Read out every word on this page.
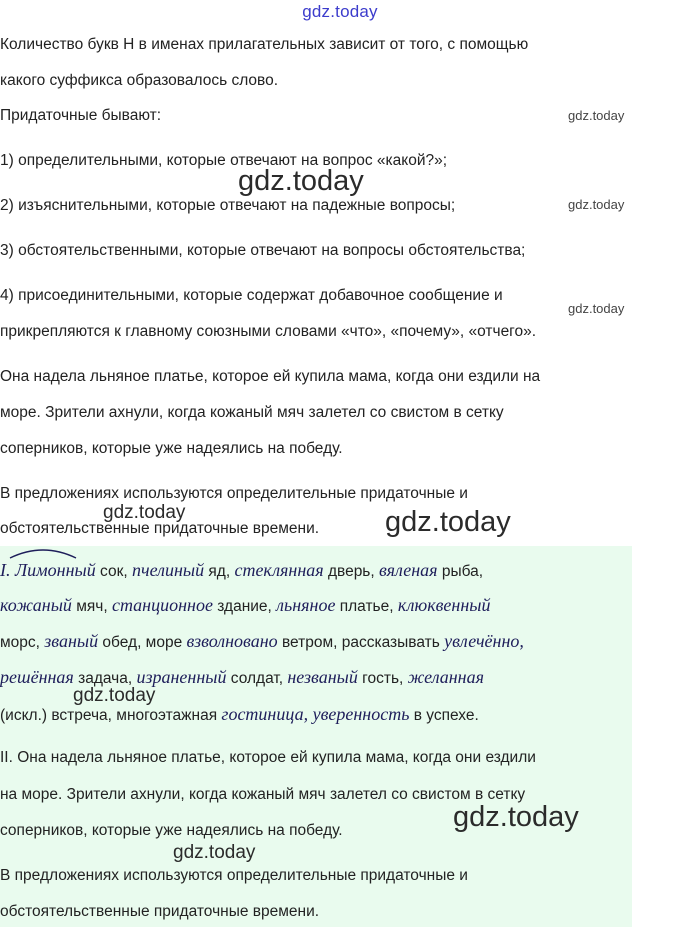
gdz.today
Количество букв Н в именах прилагательных зависит от того, с помощью
какого суффикса образовалось слово.
Придаточные бывают:
1) определительными, которые отвечают на вопрос «какой?»;
2) изъяснительными, которые отвечают на падежные вопросы;
3) обстоятельственными, которые отвечают на вопросы обстоятельства;
4) присоединительными, которые содержат добавочное сообщение и
прикрепляются к главному союзными словами «что», «почему», «отчего».
Она надела льняное платье, которое ей купила мама, когда они ездили на
море. Зрители ахнули, когда кожаный мяч залетел со свистом в сетку
соперников, которые уже надеялись на победу.
В предложениях используются определительные придаточные и
обстоятельственные придаточные времени.
I. Лимонный сок, пчелиный яд, стеклянная дверь, вяленая рыба,
кожаный мяч, станционное здание, льняное платье, клюквенный
морс, званый обед, море взволновано ветром, рассказывать увлечённо,
решённая задача, израненный солдат, незваный гость, желанная
(искл.) встреча, многоэтажная гостиница, уверенность в успехе.
II. Она надела льняное платье, которое ей купила мама, когда они ездили
на море. Зрители ахнули, когда кожаный мяч залетел со свистом в сетку
соперников, которые уже надеялись на победу.
В предложениях используются определительные придаточные и
обстоятельственные придаточные времени.
gdz.today
gdz.today
gdz.today
gdz.today
gdz.today	gdz.today
gdz.today
gdz.today
gdz.today
